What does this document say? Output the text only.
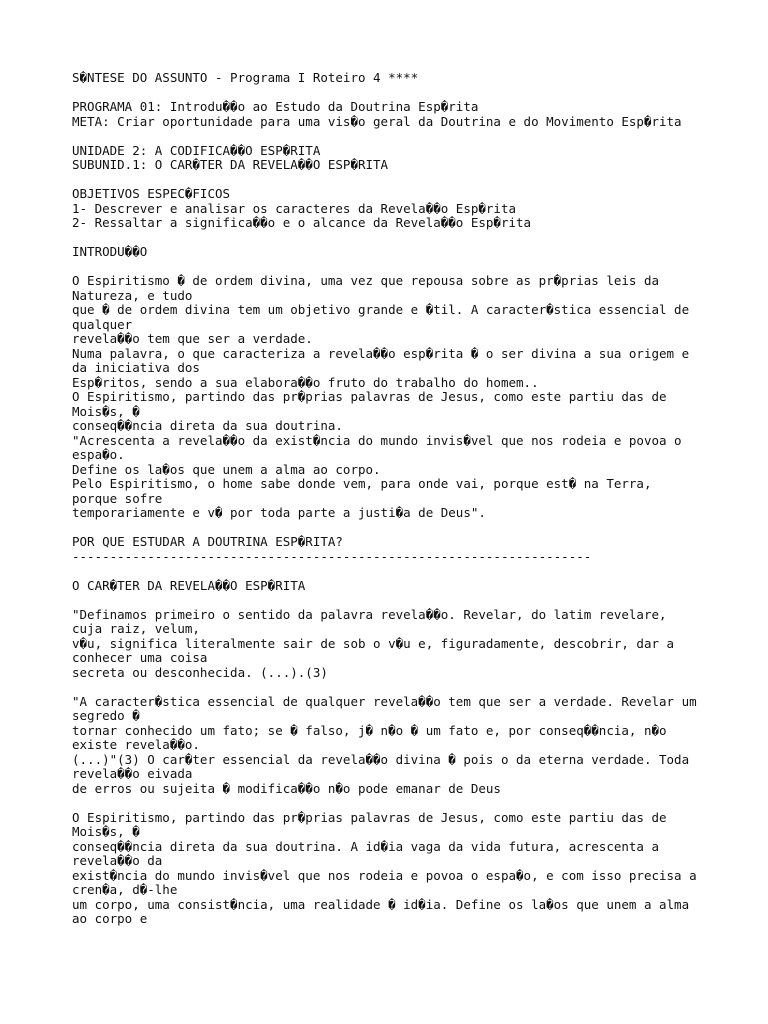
S�NTESE DO ASSUNTO - Programa I Roteiro 4 ****
PROGRAMA 01: Introdu��o ao Estudo da Doutrina Esp�rita
META: Criar oportunidade para uma vis�o geral da Doutrina e do Movimento Esp�rita
UNIDADE 2: A CODIFICA��O ESP�RITA
SUBUNID.1: O CAR�TER DA REVELA��O ESP�RITA
OBJETIVOS ESPEC�FICOS
1- Descrever e analisar os caracteres da Revela��o Esp�rita
2- Ressaltar a significa��o e o alcance da Revela��o Esp�rita
INTRODU��O
O Espiritismo � de ordem divina, uma vez que repousa sobre as pr�prias leis da
Natureza, e tudo
que � de ordem divina tem um objetivo grande e �til. A caracter�stica essencial de
qualquer
revela��o tem que ser a verdade.
Numa palavra, o que caracteriza a revela��o esp�rita � o ser divina a sua origem e
da iniciativa dos
Esp�ritos, sendo a sua elabora��o fruto do trabalho do homem..
O Espiritismo, partindo das pr�prias palavras de Jesus, como este partiu das de
Mois�s, �
conseq��ncia direta da sua doutrina.
"Acrescenta a revela��o da exist�ncia do mundo invis�vel que nos rodeia e povoa o
espa�o.
Define os la�os que unem a alma ao corpo.
Pelo Espiritismo, o home sabe donde vem, para onde vai, porque est� na Terra,
porque sofre
temporariamente e v� por toda parte a justi�a de Deus".
POR QUE ESTUDAR A DOUTRINA ESP�RITA?
---------------------------------------------------------------------
O CAR�TER DA REVELA��O ESP�RITA
"Definamos primeiro o sentido da palavra revela��o. Revelar, do latim revelare,
cuja raiz, velum,
v�u, significa literalmente sair de sob o v�u e, figuradamente, descobrir, dar a
conhecer uma coisa
secreta ou desconhecida. (...).(3)
"A caracter�stica essencial de qualquer revela��o tem que ser a verdade. Revelar um
segredo �
tornar conhecido um fato; se � falso, j� n�o � um fato e, por conseq��ncia, n�o
existe revela��o.
(...)"(3) O car�ter essencial da revela��o divina � pois o da eterna verdade. Toda
revela��o eivada
de erros ou sujeita � modifica��o n�o pode emanar de Deus
O Espiritismo, partindo das pr�prias palavras de Jesus, como este partiu das de
Mois�s, �
conseq��ncia direta da sua doutrina. A id�ia vaga da vida futura, acrescenta a
revela��o da
exist�ncia do mundo invis�vel que nos rodeia e povoa o espa�o, e com isso precisa a
cren�a, d�-lhe
um corpo, uma consist�ncia, uma realidade � id�ia. Define os la�os que unem a alma
ao corpo e
